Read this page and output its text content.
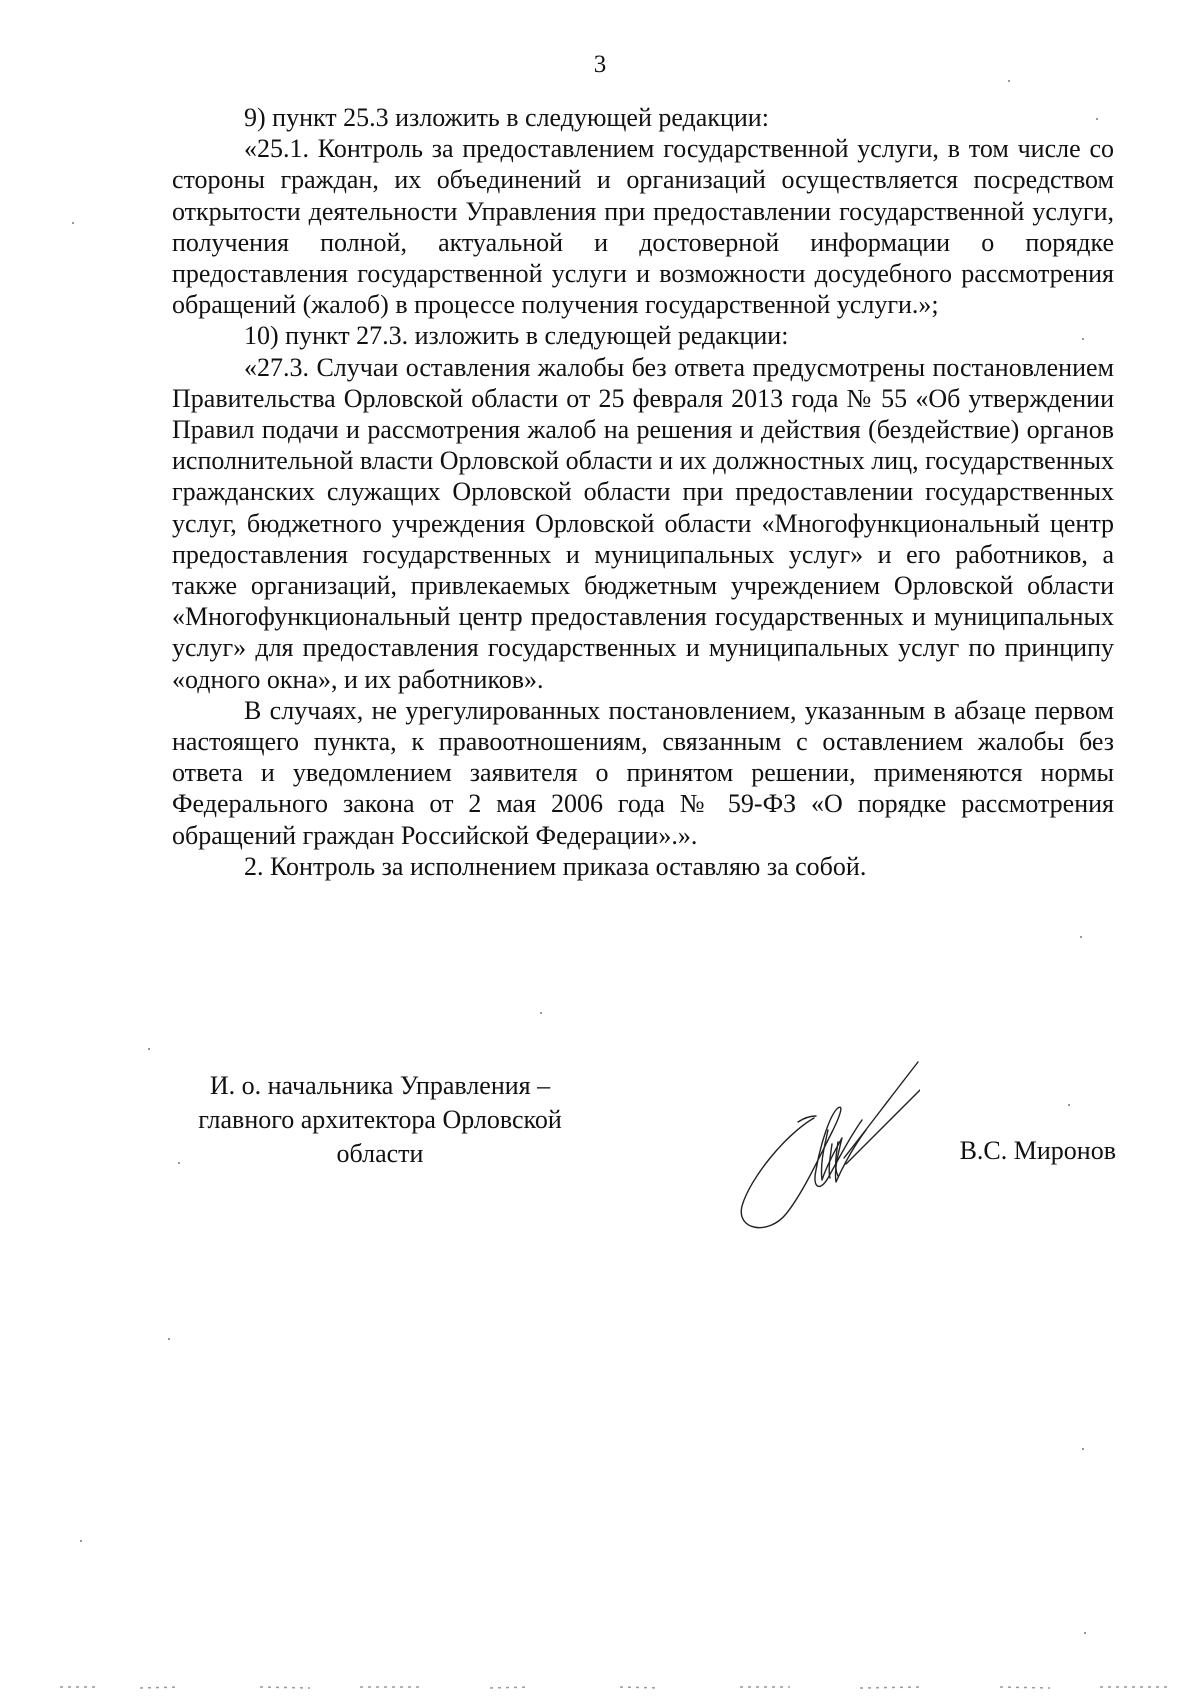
3

9) пункт 25.3 изложить в следующей редакции:

«25.1. Контроль за предоставлением государственной услуги, в том числе со стороны граждан, их объединений и организаций осуществляется посредством открытости деятельности Управления при предоставлении государственной услуги, получения полной, актуальной и достоверной информации о порядке предоставления государственной услуги и возможности досудебного рассмотрения обращений (жалоб) в процессе получения государственной услуги.»;

10) пункт 27.3. изложить в следующей редакции:

«27.3. Случаи оставления жалобы без ответа предусмотрены постановлением Правительства Орловской области от 25 февраля 2013 года № 55 «Об утверждении Правил подачи и рассмотрения жалоб на решения и действия (бездействие) органов исполнительной власти Орловской области и их должностных лиц, государственных гражданских служащих Орловской области при предоставлении государственных услуг, бюджетного учреждения Орловской области «Многофункциональный центр предоставления государственных и муниципальных услуг» и его работников, а также организаций, привлекаемых бюджетным учреждением Орловской области «Многофункциональный центр предоставления государственных и муниципальных услуг» для предоставления государственных и муниципальных услуг по принципу «одного окна», и их работников».

В случаях, не урегулированных постановлением, указанным в абзаце первом настоящего пункта, к правоотношениям, связанным с оставлением жалобы без ответа и уведомлением заявителя о принятом решении, применяются нормы Федерального закона от 2 мая 2006 года № 59-ФЗ «О порядке рассмотрения обращений граждан Российской Федерации».».

2. Контроль за исполнением приказа оставляю за собой.

И. о. начальника Управления –
главного архитектора Орловской
области	В.С. Миронов
